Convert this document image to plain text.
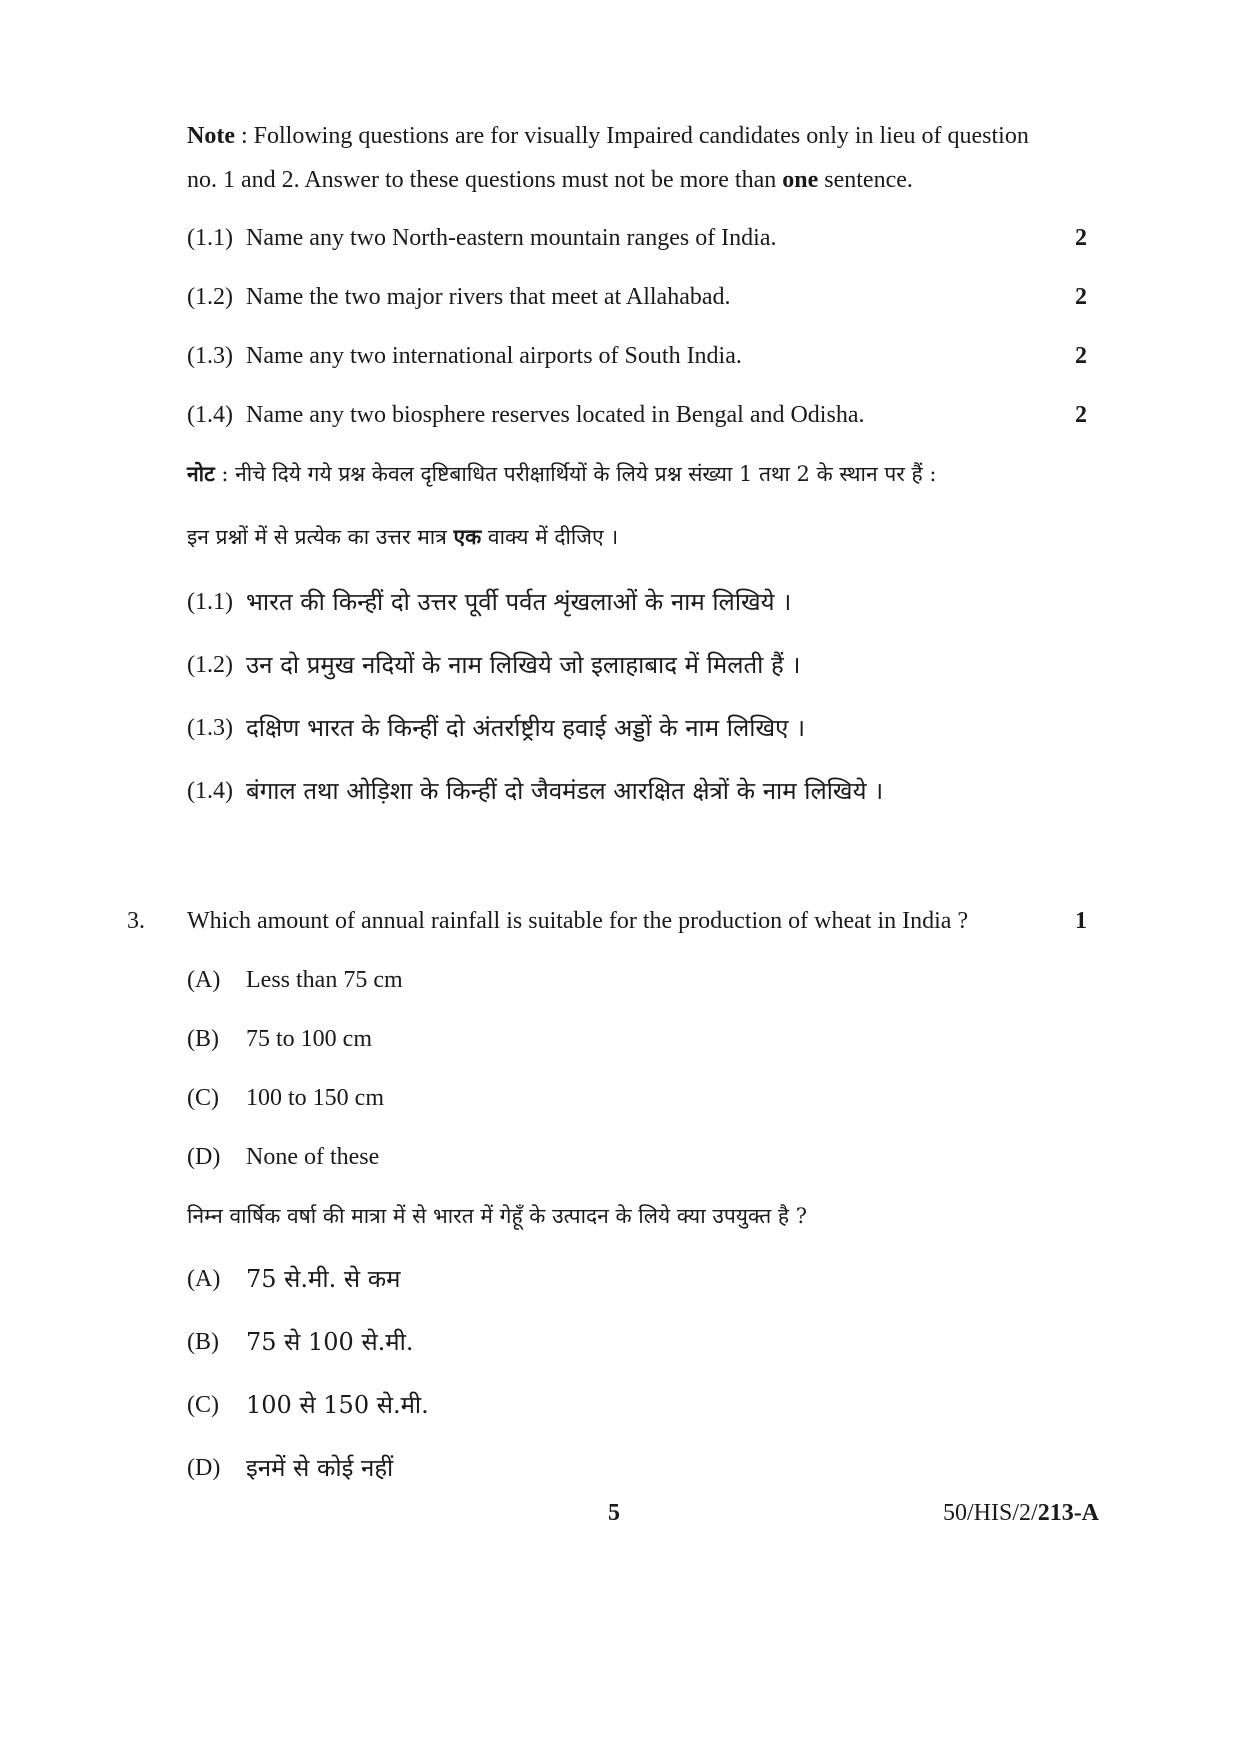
Note : Following questions are for visually Impaired candidates only in lieu of question
no. 1 and 2. Answer to these questions must not be more than one sentence.
(1.1) Name any two North-eastern mountain ranges of India.	2
(1.2) Name the two major rivers that meet at Allahabad.	2
(1.3) Name any two international airports of South India.	2
(1.4) Name any two biosphere reserves located in Bengal and Odisha.	2
नोट : नीचे दिये गये प्रश्न केवल दृष्टिबाधित परीक्षार्थियों के लिये प्रश्न संख्या 1 तथा 2 के स्थान पर हैं :
इन प्रश्नों में से प्रत्येक का उत्तर मात्र एक वाक्य में दीजिए ।
(1.1) भारत की किन्हीं दो उत्तर पूर्वी पर्वत शृंखलाओं के नाम लिखिये ।
(1.2) उन दो प्रमुख नदियों के नाम लिखिये जो इलाहाबाद में मिलती हैं ।
(1.3) दक्षिण भारत के किन्हीं दो अंतर्राष्ट्रीय हवाई अड्डों के नाम लिखिए ।
(1.4) बंगाल तथा ओड़िशा के किन्हीं दो जैवमंडल आरक्षित क्षेत्रों के नाम लिखिये ।
3. Which amount of annual rainfall is suitable for the production of wheat in India ?	1
(A) Less than 75 cm
(B) 75 to 100 cm
(C) 100 to 150 cm
(D) None of these
निम्न वार्षिक वर्षा की मात्रा में से भारत में गेहूँ के उत्पादन के लिये क्या उपयुक्त है ?
(A) 75 से.मी. से कम
(B) 75 से 100 से.मी.
(C) 100 से 150 से.मी.
(D) इनमें से कोई नहीं
5	50/HIS/2/213-A
